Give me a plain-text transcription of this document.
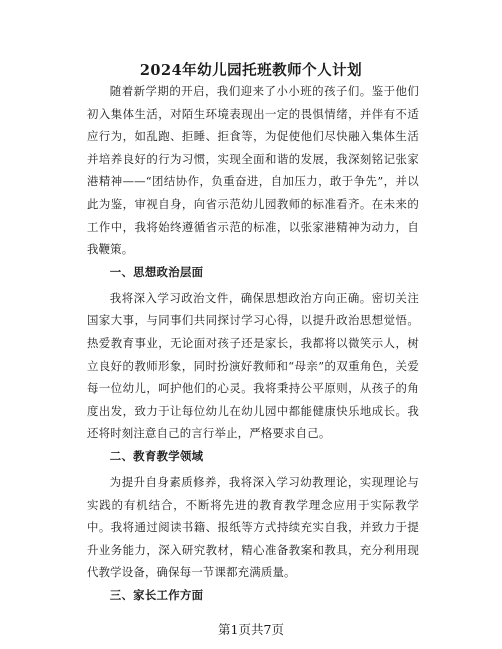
2024年幼儿园托班教师个人计划

随着新学期的开启，我们迎来了小小班的孩子们。鉴于他们初入集体生活，对陌生环境表现出一定的畏惧情绪，并伴有不适应行为，如乱跑、拒睡、拒食等，为促使他们尽快融入集体生活并培养良好的行为习惯，实现全面和谐的发展，我深刻铭记张家港精神——“团结协作，负重奋进，自加压力，敢于争先”，并以此为鉴，审视自身，向省示范幼儿园教师的标准看齐。在未来的工作中，我将始终遵循省示范的标准，以张家港精神为动力，自我鞭策。

一、思想政治层面

我将深入学习政治文件，确保思想政治方向正确。密切关注国家大事，与同事们共同探讨学习心得，以提升政治思想觉悟。热爱教育事业，无论面对孩子还是家长，我都将以微笑示人，树立良好的教师形象，同时扮演好教师和“母亲”的双重角色，关爱每一位幼儿，呵护他们的心灵。我将秉持公平原则，从孩子的角度出发，致力于让每位幼儿在幼儿园中都能健康快乐地成长。我还将时刻注意自己的言行举止，严格要求自己。

二、教育教学领域

为提升自身素质修养，我将深入学习幼教理论，实现理论与实践的有机结合，不断将先进的教育教学理念应用于实际教学中。我将通过阅读书籍、报纸等方式持续充实自我，并致力于提升业务能力，深入研究教材，精心准备教案和教具，充分利用现代教学设备，确保每一节课都充满质量。

三、家长工作方面

第1页共7页
